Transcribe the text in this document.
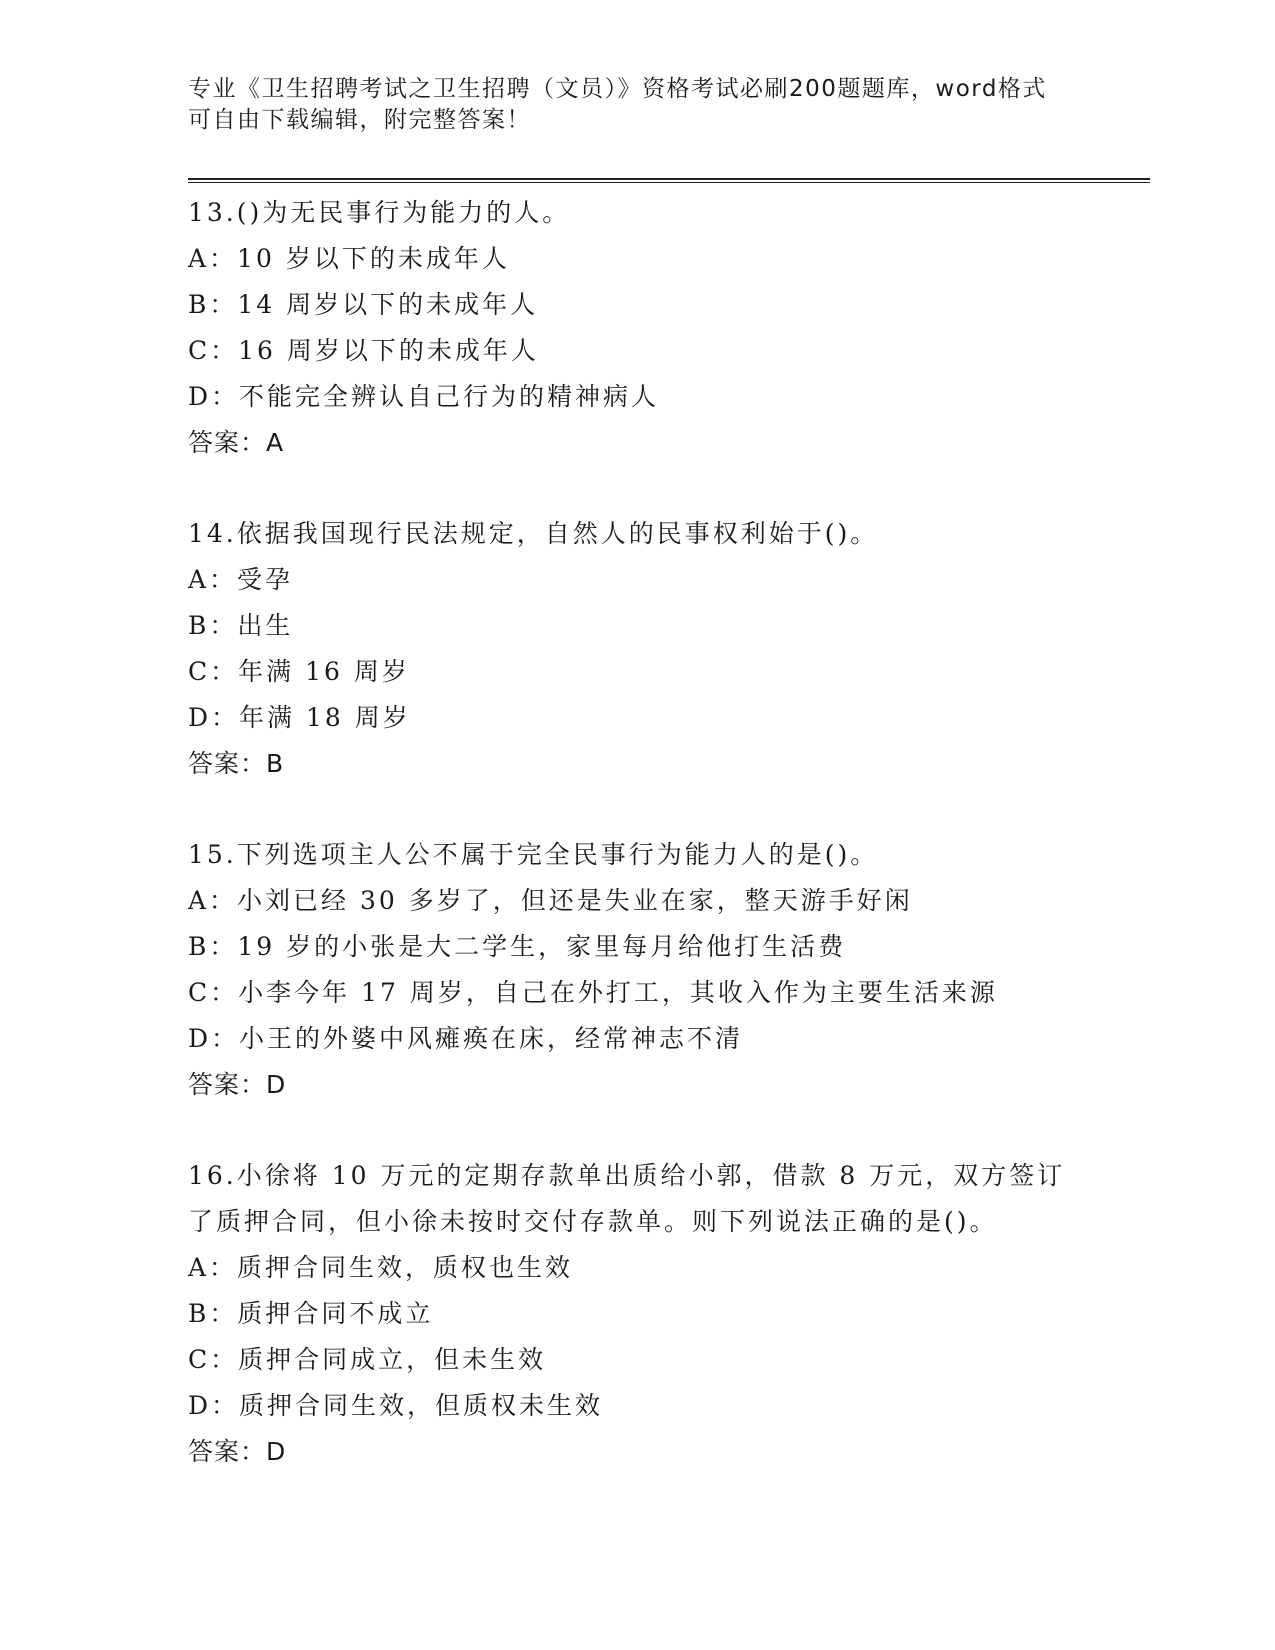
专业《卫生招聘考试之卫生招聘（文员）》资格考试必刷200题题库，word格式
可自由下载编辑，附完整答案！
13.()为无民事行为能力的人。
A：10 岁以下的未成年人
B：14 周岁以下的未成年人
C：16 周岁以下的未成年人
D：不能完全辨认自己行为的精神病人
答案：A
14.依据我国现行民法规定，自然人的民事权利始于()。
A：受孕
B：出生
C：年满 16 周岁
D：年满 18 周岁
答案：B
15.下列选项主人公不属于完全民事行为能力人的是()。
A：小刘已经 30 多岁了，但还是失业在家，整天游手好闲
B：19 岁的小张是大二学生，家里每月给他打生活费
C：小李今年 17 周岁，自己在外打工，其收入作为主要生活来源
D：小王的外婆中风瘫痪在床，经常神志不清
答案：D
16.小徐将 10 万元的定期存款单出质给小郭，借款 8 万元，双方签订
了质押合同，但小徐未按时交付存款单。则下列说法正确的是()。
A：质押合同生效，质权也生效
B：质押合同不成立
C：质押合同成立，但未生效
D：质押合同生效，但质权未生效
答案：D
